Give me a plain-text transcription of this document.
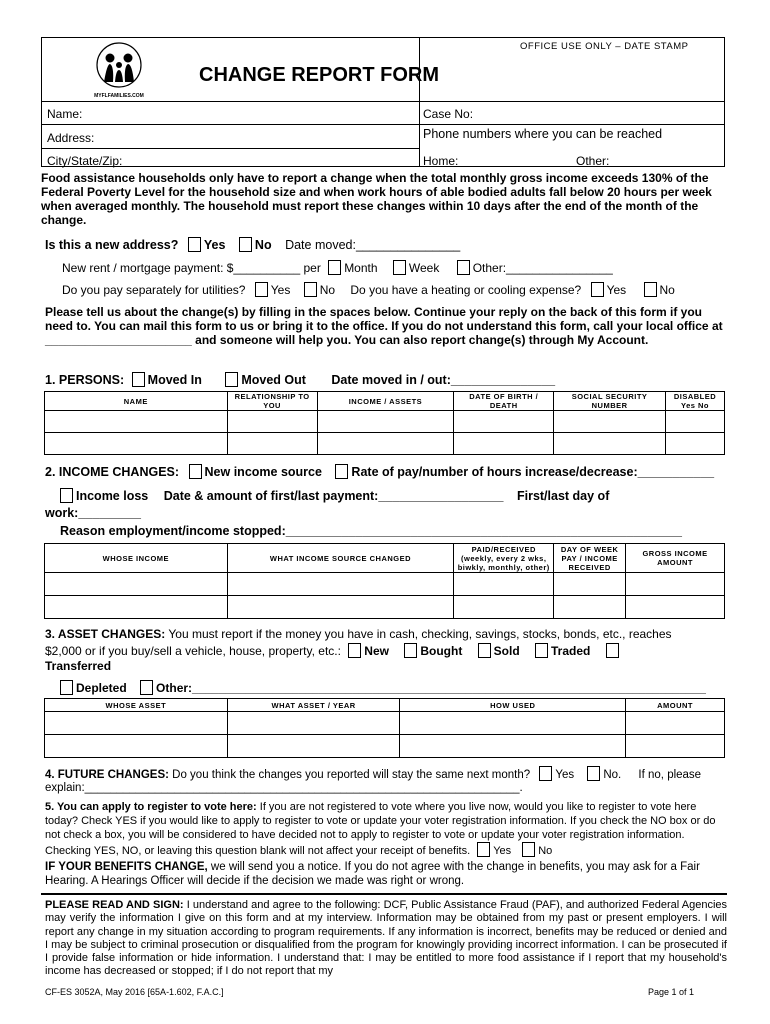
MYFLFAMILIES.COM
OFFICE USE ONLY – DATE STAMP
CHANGE REPORT FORM
Name:	Case No:
Address:	Phone numbers where you can be reached
City/State/Zip:	Home:	Other:
Food assistance households only have to report a change when the total monthly gross income exceeds 130% of the Federal Poverty Level for the household size and when work hours of able bodied adults fall below 20 hours per week when averaged monthly. The household must report these changes within 10 days after the end of the month of the change.
Is this a new address? Yes No Date moved:_______________
New rent / mortgage payment: $__________ per Month	Week	Other:________________
Do you pay separately for utilities? Yes No Do you have a heating or cooling expense? Yes	No
Please tell us about the change(s) by filling in the spaces below. Continue your reply on the back of this form if you need to. You can mail this form to us or bring it to the office. If you do not understand this form, call your local office at ______________________ and someone will help you. You can also report change(s) through My Account.
1. PERSONS: Moved In	Moved Out Date moved in / out:_______________
NAME	RELATIONSHIP TO YOU	INCOME / ASSETS	DATE OF BIRTH / DEATH	SOCIAL SECURITY NUMBER	DISABLED Yes No

2. INCOME CHANGES: New income source Rate of pay/number of hours increase/decrease:___________
Income loss Date & amount of first/last payment:__________________ First/last day of
work:_________
Reason employment/income stopped:_________________________________________________________
WHOSE INCOME	WHAT INCOME SOURCE CHANGED	PAID/RECEIVED (weekly, every 2 wks, biwkly, monthly, other)	DAY OF WEEK PAY / INCOME RECEIVED	GROSS INCOME AMOUNT

3. ASSET CHANGES: You must report if the money you have in cash, checking, savings, stocks, bonds, etc., reaches
$2,000 or if you buy/sell a vehicle, house, property, etc.: New	Bought	Sold	Traded
Transferred
Depleted Other:_____________________________________________________________________________
WHOSE ASSET	WHAT ASSET / YEAR	HOW USED	AMOUNT

4. FUTURE CHANGES: Do you think the changes you reported will stay the same next month? Yes	No. If no, please
explain:____________________________________________________________________.
5. You can apply to register to vote here: If you are not registered to vote where you live now, would you like to register to vote here today? Check YES if you would like to apply to register to vote or update your voter registration information. If you check the NO box or do not check a box, you will be considered to have decided not to apply to register to vote or update your voter registration information. Checking YES, NO, or leaving this question blank will not affect your receipt of benefits. Yes No
IF YOUR BENEFITS CHANGE, we will send you a notice. If you do not agree with the change in benefits, you may ask for a Fair Hearing. A Hearings Officer will decide if the decision we made was right or wrong.
PLEASE READ AND SIGN: I understand and agree to the following: DCF, Public Assistance Fraud (PAF), and authorized Federal Agencies may verify the information I give on this form and at my interview. Information may be obtained from my past or present employers. I will report any change in my situation according to program requirements. If any information is incorrect, benefits may be reduced or denied and I may be subject to criminal prosecution or disqualified from the program for knowingly providing incorrect information. I can be prosecuted if I provide false information or hide information. I understand that: I may be entitled to more food assistance if I report that my household's income has decreased or stopped; if I do not report that my
CF-ES 3052A, May 2016 [65A-1.602, F.A.C.]	Page 1 of 1
